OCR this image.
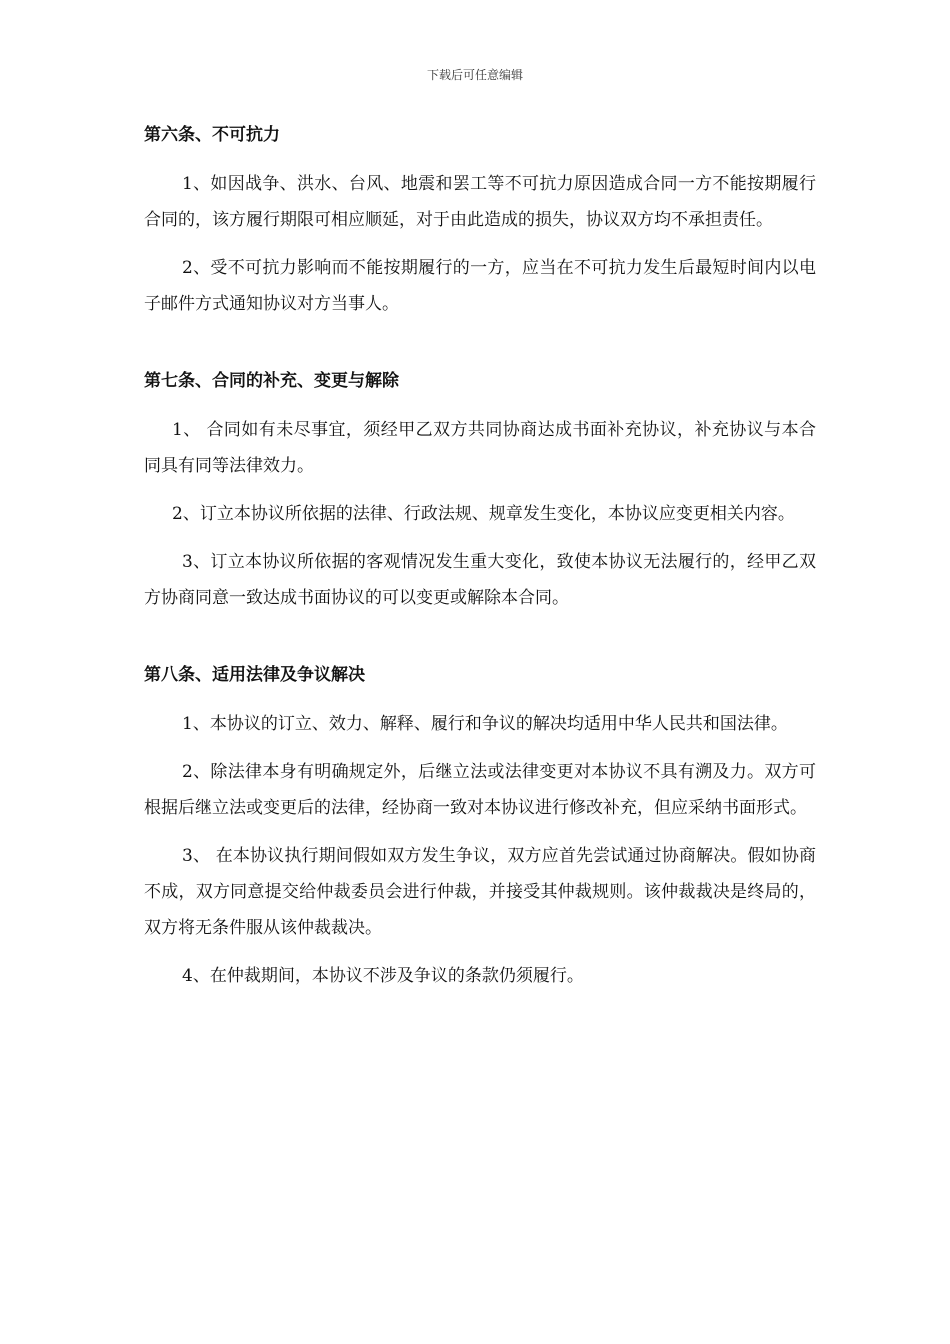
下载后可任意编辑
第六条、不可抗力

1、如因战争、洪水、台风、地震和罢工等不可抗力原因造成合同一方不能按期履行合同的，该方履行期限可相应顺延，对于由此造成的损失，协议双方均不承担责任。

2、受不可抗力影响而不能按期履行的一方，应当在不可抗力发生后最短时间内以电子邮件方式通知协议对方当事人。

第七条、合同的补充、变更与解除

1、 合同如有未尽事宜，须经甲乙双方共同协商达成书面补充协议，补充协议与本合同具有同等法律效力。

2、订立本协议所依据的法律、行政法规、规章发生变化，本协议应变更相关内容。

3、订立本协议所依据的客观情况发生重大变化，致使本协议无法履行的，经甲乙双方协商同意一致达成书面协议的可以变更或解除本合同。

第八条、适用法律及争议解决

1、本协议的订立、效力、解释、履行和争议的解决均适用中华人民共和国法律。

2、除法律本身有明确规定外，后继立法或法律变更对本协议不具有溯及力。双方可根据后继立法或变更后的法律，经协商一致对本协议进行修改补充，但应采纳书面形式。

3、 在本协议执行期间假如双方发生争议，双方应首先尝试通过协商解决。假如协商不成，双方同意提交给仲裁委员会进行仲裁，并接受其仲裁规则。该仲裁裁决是终局的，双方将无条件服从该仲裁裁决。

4、在仲裁期间，本协议不涉及争议的条款仍须履行。
